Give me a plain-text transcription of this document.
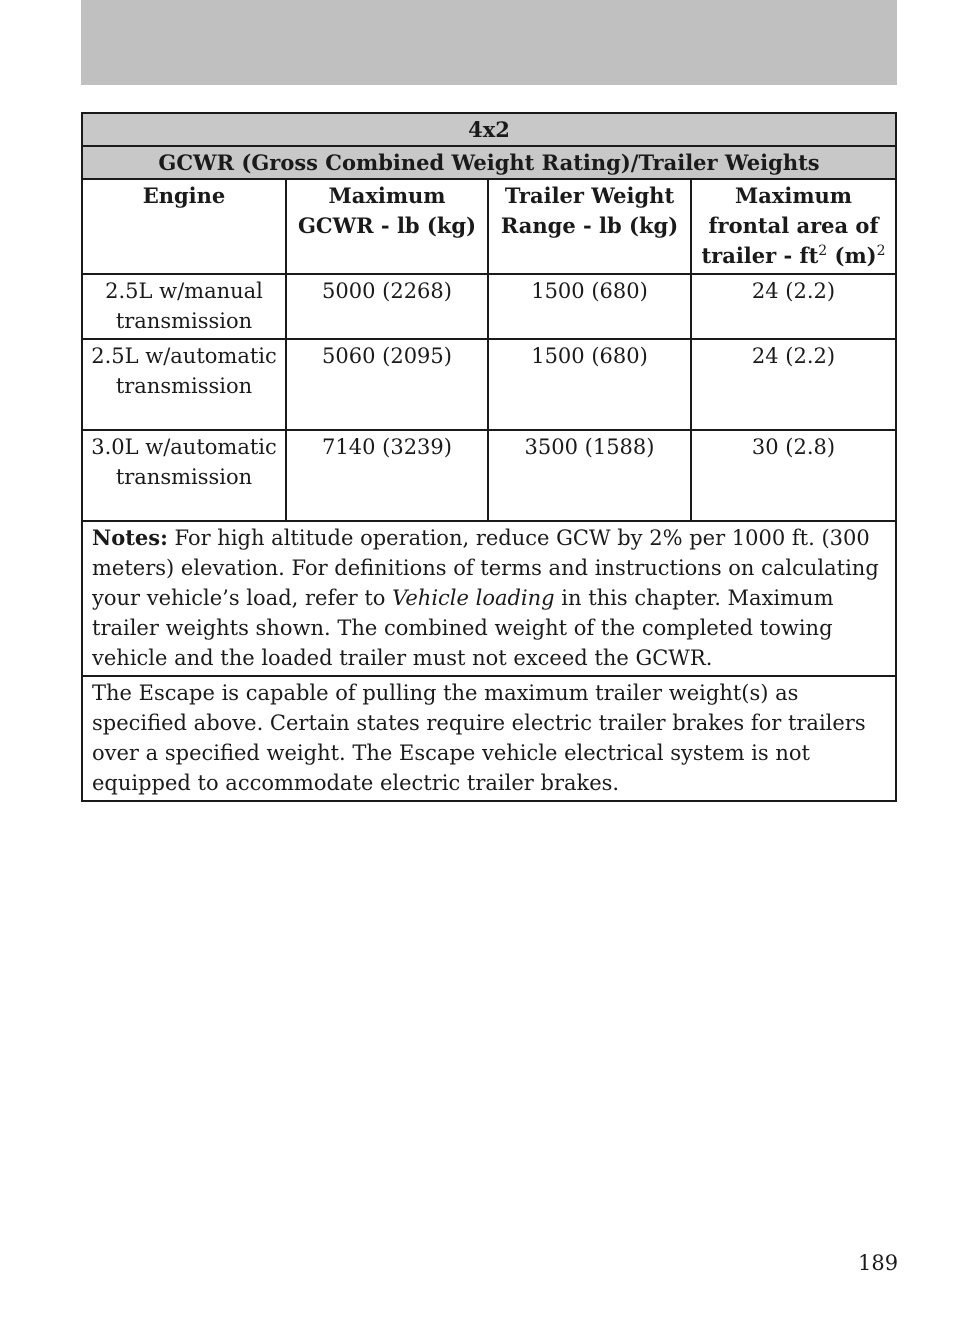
4x2			
GCWR (Gross Combined Weight Rating)/Trailer Weights			
Engine	Maximum GCWR - lb (kg)	Trailer Weight Range - lb (kg)	Maximum frontal area of trailer - $ft^2$ $(m)^2$
2.5L w/manual transmission	5000 (2268)	1500 (680)	24 (2.2)
2.5L w/automatic transmission	5060 (2095)	1500 (680)	24 (2.2)
3.0L w/automatic transmission	7140 (3239)	3500 (1588)	30 (2.8)
Notes: For high altitude operation, reduce GCW by 2% per 1000 ft. (300 meters) elevation. For definitions of terms and instructions on calculating your vehicle’s load, refer to Vehicle loading in this chapter. Maximum trailer weights shown. The combined weight of the completed towing vehicle and the loaded trailer must not exceed the GCWR.			
The Escape is capable of pulling the maximum trailer weight(s) as specified above. Certain states require electric trailer brakes for trailers over a specified weight. The Escape vehicle electrical system is not equipped to accommodate electric trailer brakes.			
189
